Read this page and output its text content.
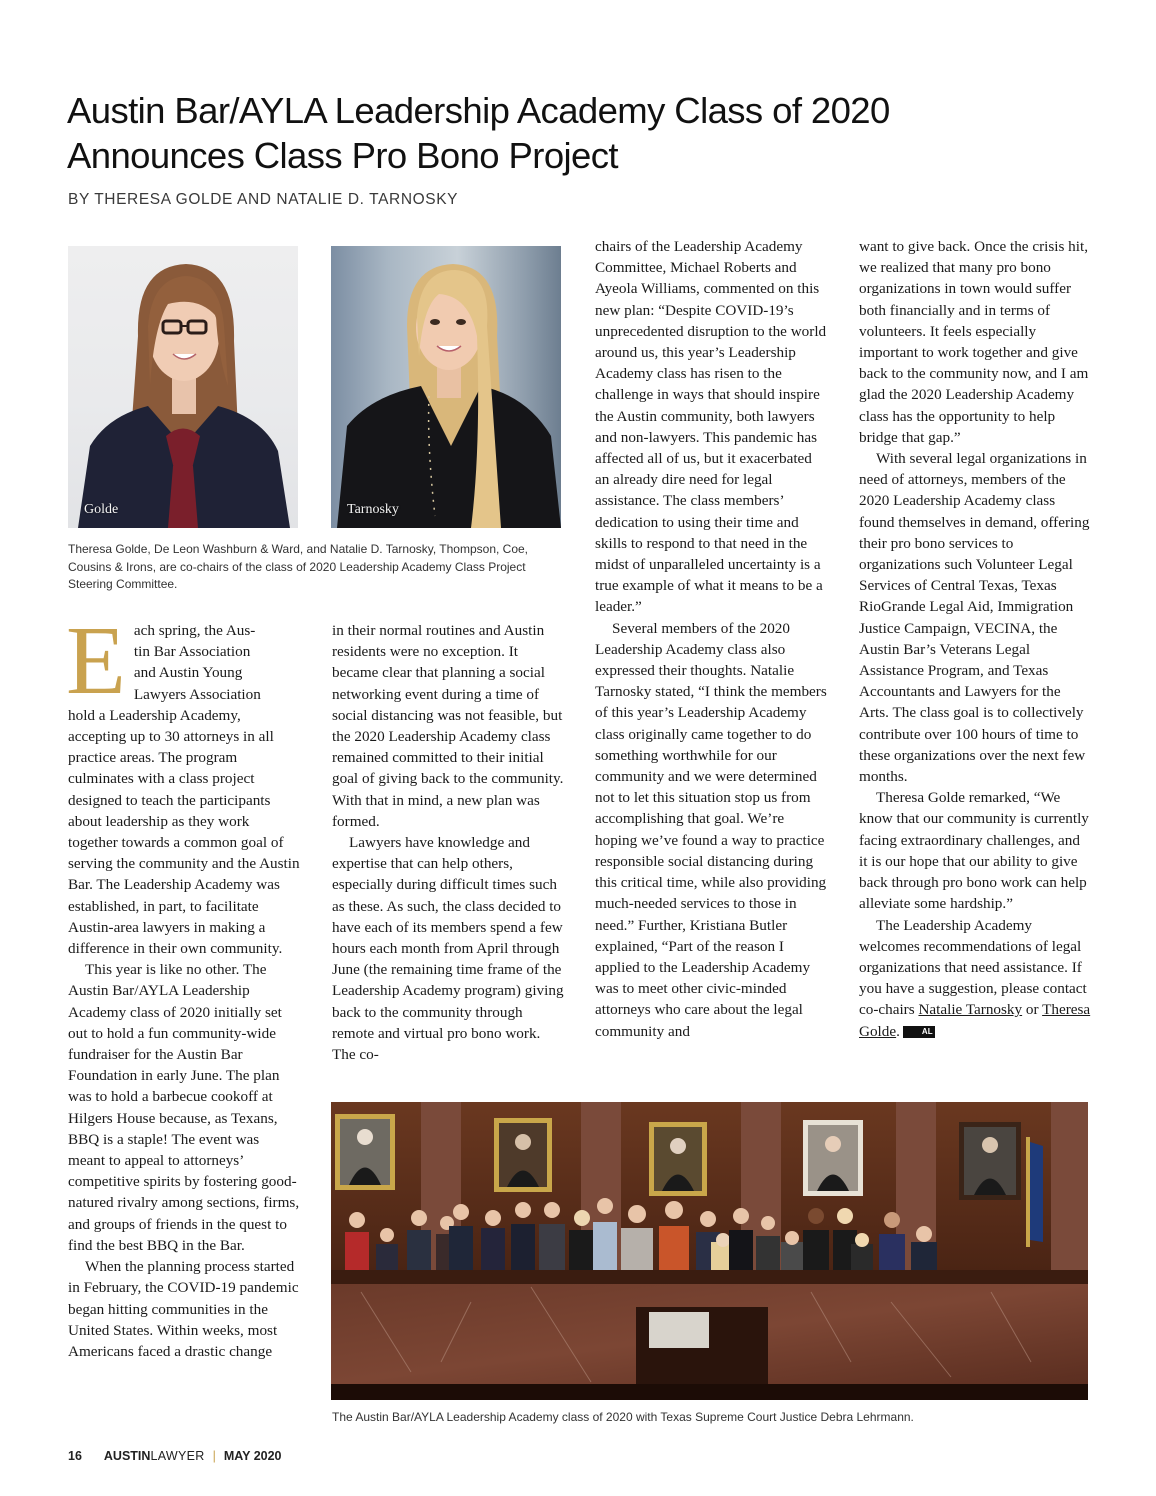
Austin Bar/AYLA Leadership Academy Class of 2020
Announces Class Pro Bono Project
BY THERESA GOLDE AND NATALIE D. TARNOSKY
Golde	Tarnosky
Theresa Golde, De Leon Washburn & Ward, and Natalie D. Tarnosky, Thompson, Coe, Cousins & Irons, are co-chairs of the class of 2020 Leadership Academy Class Project Steering Committee.

Each spring, the Aus-
tin Bar Association
and Austin Young
Lawyers Association
hold a Leadership Academy, accepting up to 30 attorneys in all practice areas. The program culminates with a class project designed to teach the participants about leadership as they work together towards a common goal of serving the community and the Austin Bar. The Leadership Academy was established, in part, to facilitate Austin-area lawyers in making a difference in their own community.

This year is like no other. The Austin Bar/AYLA Leadership Academy class of 2020 initially set out to hold a fun community-wide fundraiser for the Austin Bar Foundation in early June. The plan was to hold a barbecue cookoff at Hilgers House because, as Texans, BBQ is a staple! The event was meant to appeal to attorneys’ competitive spirits by fostering good-natured rivalry among sections, firms, and groups of friends in the quest to find the best BBQ in the Bar.

When the planning process started in February, the COVID-19 pandemic began hitting communities in the United States. Within weeks, most Americans faced a drastic change

in their normal routines and Austin residents were no exception. It became clear that planning a social networking event during a time of social distancing was not feasible, but the 2020 Leadership Academy class remained committed to their initial goal of giving back to the community. With that in mind, a new plan was formed.

Lawyers have knowledge and expertise that can help others, especially during difficult times such as these. As such, the class decided to have each of its members spend a few hours each month from April through June (the remaining time frame of the Leadership Academy program) giving back to the community through remote and virtual pro bono work. The co-

chairs of the Leadership Academy Committee, Michael Roberts and Ayeola Williams, commented on this new plan: “Despite COVID-19’s unprecedented disruption to the world around us, this year’s Leadership Academy class has risen to the challenge in ways that should inspire the Austin community, both lawyers and non-lawyers. This pandemic has affected all of us, but it exacerbated an already dire need for legal assistance. The class members’ dedication to using their time and skills to respond to that need in the midst of unparalleled uncertainty is a true example of what it means to be a leader.”

Several members of the 2020 Leadership Academy class also expressed their thoughts. Natalie Tarnosky stated, “I think the members of this year’s Leadership Academy class originally came together to do something worthwhile for our community and we were determined not to let this situation stop us from accomplishing that goal. We’re hoping we’ve found a way to practice responsible social distancing during this critical time, while also providing much-needed services to those in need.” Further, Kristiana Butler explained, “Part of the reason I applied to the Leadership Academy was to meet other civic-minded attorneys who care about the legal community and

want to give back. Once the crisis hit, we realized that many pro bono organizations in town would suffer both financially and in terms of volunteers. It feels especially important to work together and give back to the community now, and I am glad the 2020 Leadership Academy class has the opportunity to help bridge that gap.”

With several legal organizations in need of attorneys, members of the 2020 Leadership Academy class found themselves in demand, offering their pro bono services to organizations such Volunteer Legal Services of Central Texas, Texas RioGrande Legal Aid, Immigration Justice Campaign, VECINA, the Austin Bar’s Veterans Legal Assistance Program, and Texas Accountants and Lawyers for the Arts. The class goal is to collectively contribute over 100 hours of time to these organizations over the next few months.

Theresa Golde remarked, “We know that our community is currently facing extraordinary challenges, and it is our hope that our ability to give back through pro bono work can help alleviate some hardship.”

The Leadership Academy welcomes recommendations of legal organizations that need assistance. If you have a suggestion, please contact co-chairs Natalie Tarnosky or Theresa Golde.	AL

The Austin Bar/AYLA Leadership Academy class of 2020 with Texas Supreme Court Justice Debra Lehrmann.
16 AUSTIN LAWYER | MAY 2020
